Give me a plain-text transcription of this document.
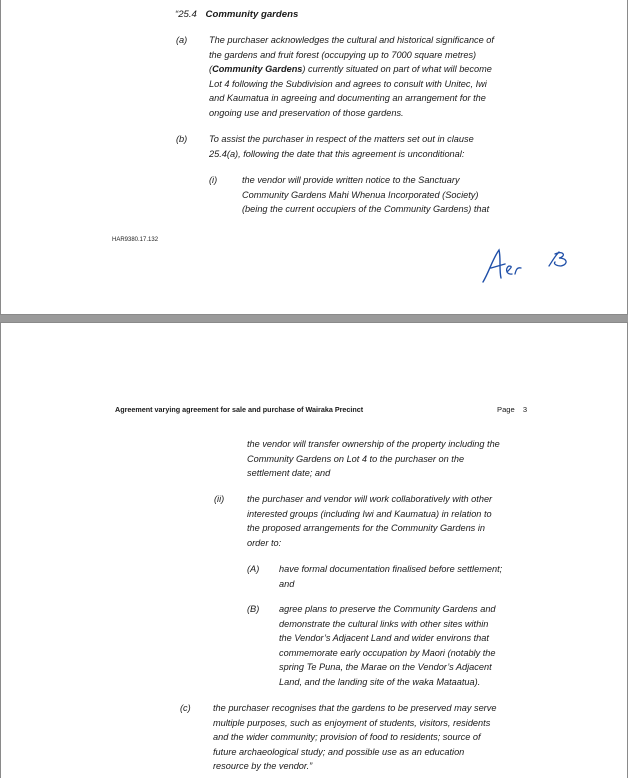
“25.4 Community gardens
(a) The purchaser acknowledges the cultural and historical significance of
the gardens and fruit forest (occupying up to 7000 square metres)
(Community Gardens) currently situated on part of what will become
Lot 4 following the Subdivision and agrees to consult with Unitec, Iwi
and Kaumatua in agreeing and documenting an arrangement for the
ongoing use and preservation of those gardens.
(b) To assist the purchaser in respect of the matters set out in clause
25.4(a), following the date that this agreement is unconditional:
(i)	the vendor will provide written notice to the Sanctuary
Community Gardens Mahi Whenua Incorporated (Society)
(being the current occupiers of the Community Gardens) that
HAR9380.17.132
Agreement varying agreement for sale and purchase of Wairaka Precinct	Page 3
the vendor will transfer ownership of the property including the
Community Gardens on Lot 4 to the purchaser on the
settlement date; and
(ii) the purchaser and vendor will work collaboratively with other
interested groups (including Iwi and Kaumatua) in relation to
the proposed arrangements for the Community Gardens in
order to:
(A) have formal documentation finalised before settlement;
and
(B) agree plans to preserve the Community Gardens and
demonstrate the cultural links with other sites within
the Vendor’s Adjacent Land and wider environs that
commemorate early occupation by Maori (notably the
spring Te Puna, the Marae on the Vendor’s Adjacent
Land, and the landing site of the waka Mataatua).
(c) the purchaser recognises that the gardens to be preserved may serve
multiple purposes, such as enjoyment of students, visitors, residents
and the wider community; provision of food to residents; source of
future archaeological study; and possible use as an education
resource by the vendor.”
